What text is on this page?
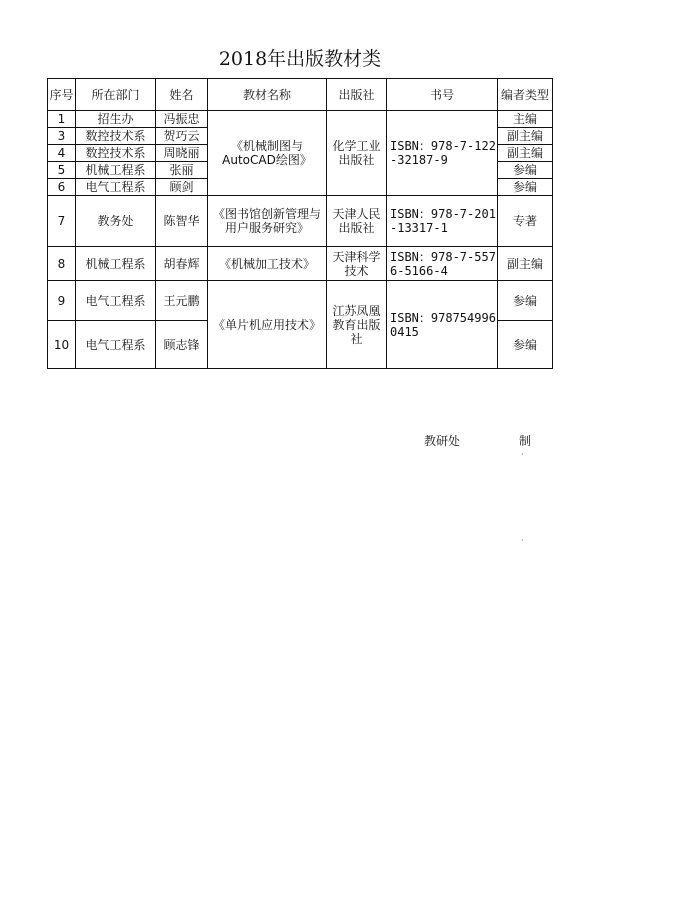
2018年出版教材类
序号	所在部门	姓名	教材名称	出版社	书号	编者类型
1	招生办	冯振忠	《机械制图与AutoCAD绘图》	化学工业出版社	ISBN：978-7-122-32187-9	主编
3	数控技术系	贺巧云				副主编
4	数控技术系	周晓丽				副主编
5	机械工程系	张丽				参编
6	电气工程系	顾剑				参编
7	教务处	陈智华	《图书馆创新管理与用户服务研究》	天津人民出版社	ISBN：978-7-201-13317-1	专著
8	机械工程系	胡春辉	《机械加工技术》	天津科学技术	ISBN：978-7-5576-5166-4	副主编
9	电气工程系	王元鹏	《单片机应用技术》	江苏凤凰教育出版社	ISBN：9787549960415	参编
10	电气工程系	顾志锋				参编
教研处	制
·
·
